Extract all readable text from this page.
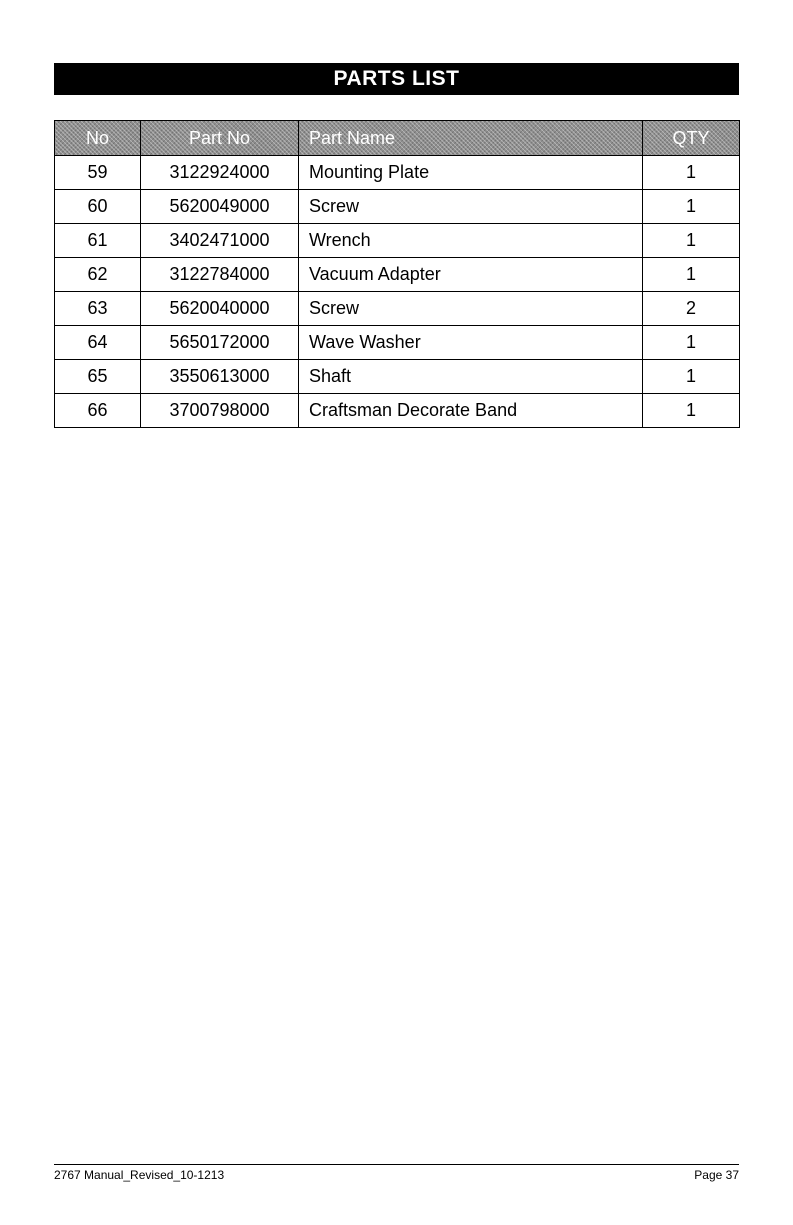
PARTS LIST
No	Part No	Part Name	QTY
59	3122924000	Mounting Plate	1
60	5620049000	Screw	1
61	3402471000	Wrench	1
62	3122784000	Vacuum Adapter	1
63	5620040000	Screw	2
64	5650172000	Wave Washer	1
65	3550613000	Shaft	1
66	3700798000	Craftsman Decorate Band	1
2767 Manual_Revised_10-1213	Page 37
